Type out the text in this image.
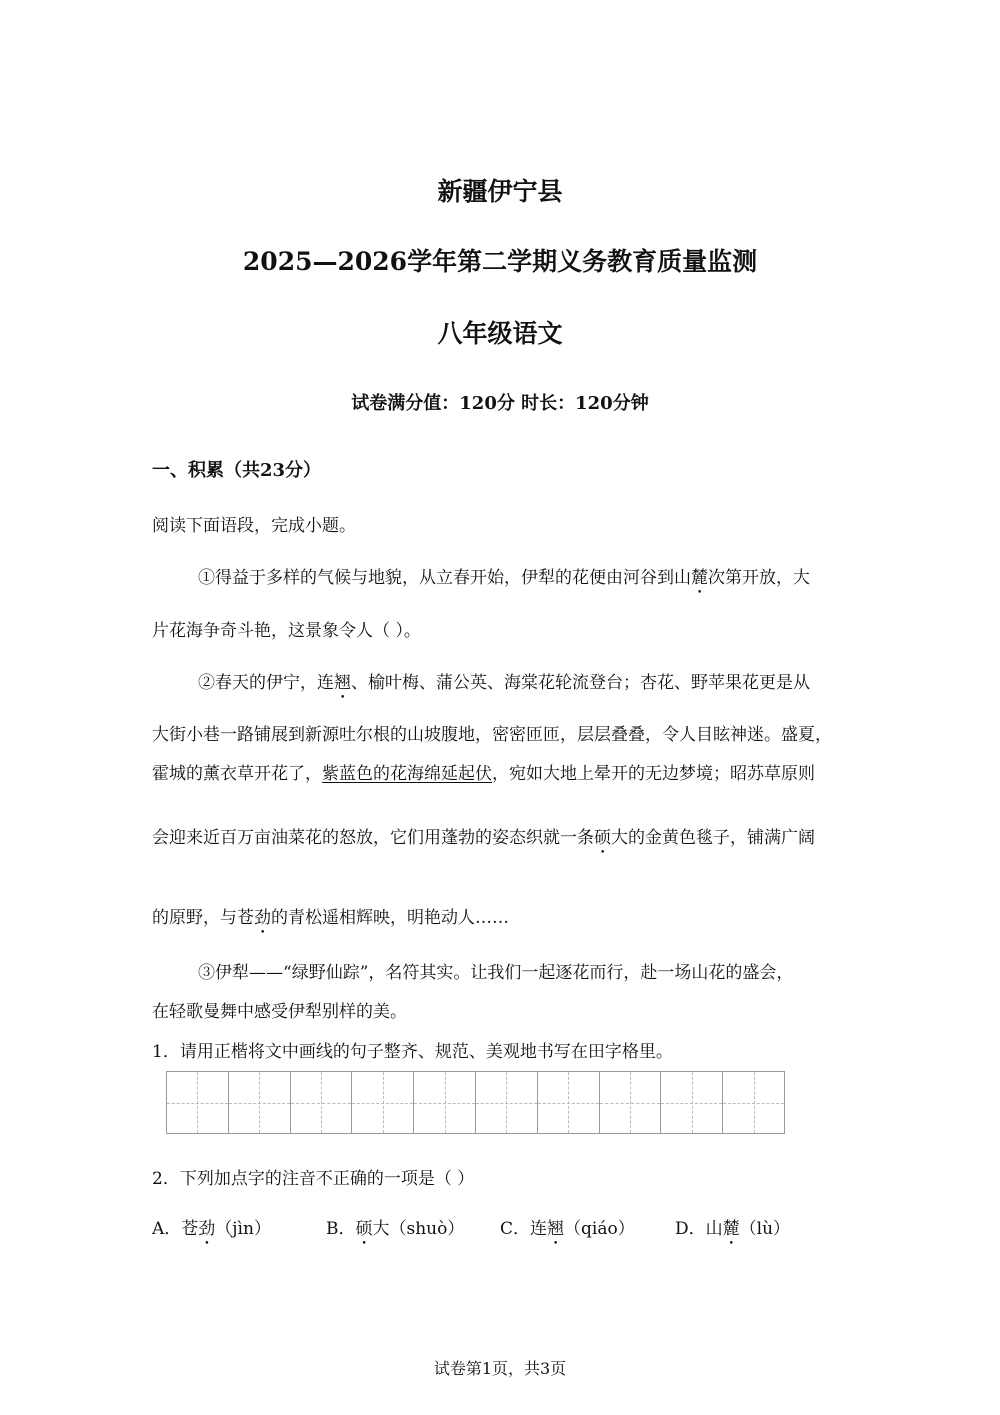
新疆伊宁县
2025—2026学年第二学期义务教育质量监测
八年级语文
试卷满分值：120分 时长：120分钟
一、积累（共23分）
阅读下面语段，完成小题。
①得益于多样的气候与地貌，从立春开始，伊犁的花便由河谷到山麓次第开放，大
片花海争奇斗艳，这景象令人（ ）。
②春天的伊宁，连翘、榆叶梅、蒲公英、海棠花轮流登台；杏花、野苹果花更是从
大街小巷一路铺展到新源吐尔根的山坡腹地，密密匝匝，层层叠叠，令人目眩神迷。盛夏，
霍城的薰衣草开花了，紫蓝色的花海绵延起伏，宛如大地上晕开的无边梦境；昭苏草原则
会迎来近百万亩油菜花的怒放，它们用蓬勃的姿态织就一条硕大的金黄色毯子，铺满广阔
的原野，与苍劲的青松遥相辉映，明艳动人……
③伊犁——“绿野仙踪”，名符其实。让我们一起逐花而行，赴一场山花的盛会，
在轻歌曼舞中感受伊犁别样的美。
1．请用正楷将文中画线的句子整齐、规范、美观地书写在田字格里。
2．下列加点字的注音不正确的一项是（ ）
A．苍劲（jìn）	B．硕大（shuò） C．连翘（qiáo） D．山麓（lù）
试卷第1页，共3页
